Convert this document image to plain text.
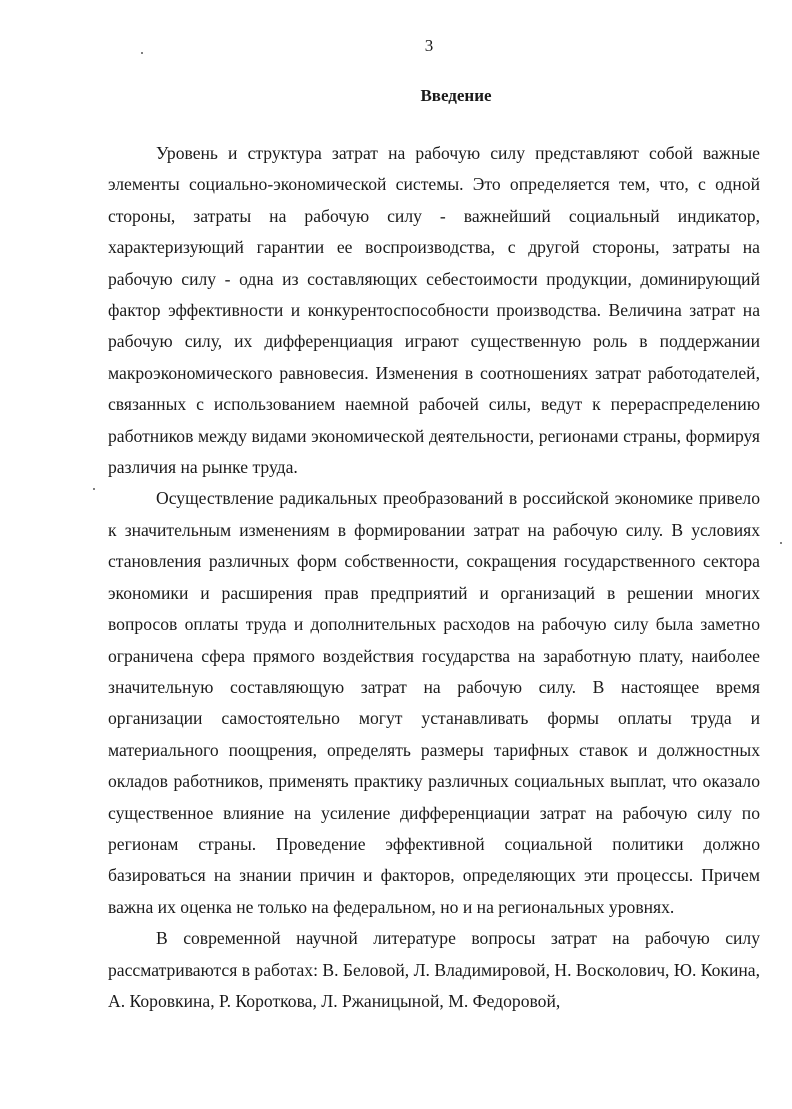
3
Введение

Уровень и структура затрат на рабочую силу представляют собой важные элементы социально-экономической системы. Это определяется тем, что, с одной стороны, затраты на рабочую силу - важнейший социальный индикатор, характеризующий гарантии ее воспроизводства, с другой стороны, затраты на рабочую силу - одна из составляющих себестоимости продукции, доминирующий фактор эффективности и конкурентоспособности производства. Величина затрат на рабочую силу, их дифференциация играют существенную роль в поддержании макроэкономического равновесия. Изменения в соотношениях затрат работодателей, связанных с использованием наемной рабочей силы, ведут к перераспределению работников между видами экономической деятельности, регионами страны, формируя различия на рынке труда.

Осуществление радикальных преобразований в российской экономике привело к значительным изменениям в формировании затрат на рабочую силу. В условиях становления различных форм собственности, сокращения государственного сектора экономики и расширения прав предприятий и организаций в решении многих вопросов оплаты труда и дополнительных расходов на рабочую силу была заметно ограничена сфера прямого воздействия государства на заработную плату, наиболее значительную составляющую затрат на рабочую силу. В настоящее время организации самостоятельно могут устанавливать формы оплаты труда и материального поощрения, определять размеры тарифных ставок и должностных окладов работников, применять практику различных социальных выплат, что оказало существенное влияние на усиление дифференциации затрат на рабочую силу по регионам страны. Проведение эффективной социальной политики должно базироваться на знании причин и факторов, определяющих эти процессы. Причем важна их оценка не только на федеральном, но и на региональных уровнях.

В современной научной литературе вопросы затрат на рабочую силу рассматриваются в работах: В. Беловой, Л. Владимировой, Н. Восколович, Ю. Кокина, А. Коровкина, Р. Короткова, Л. Ржаницыной, М. Федоровой,
